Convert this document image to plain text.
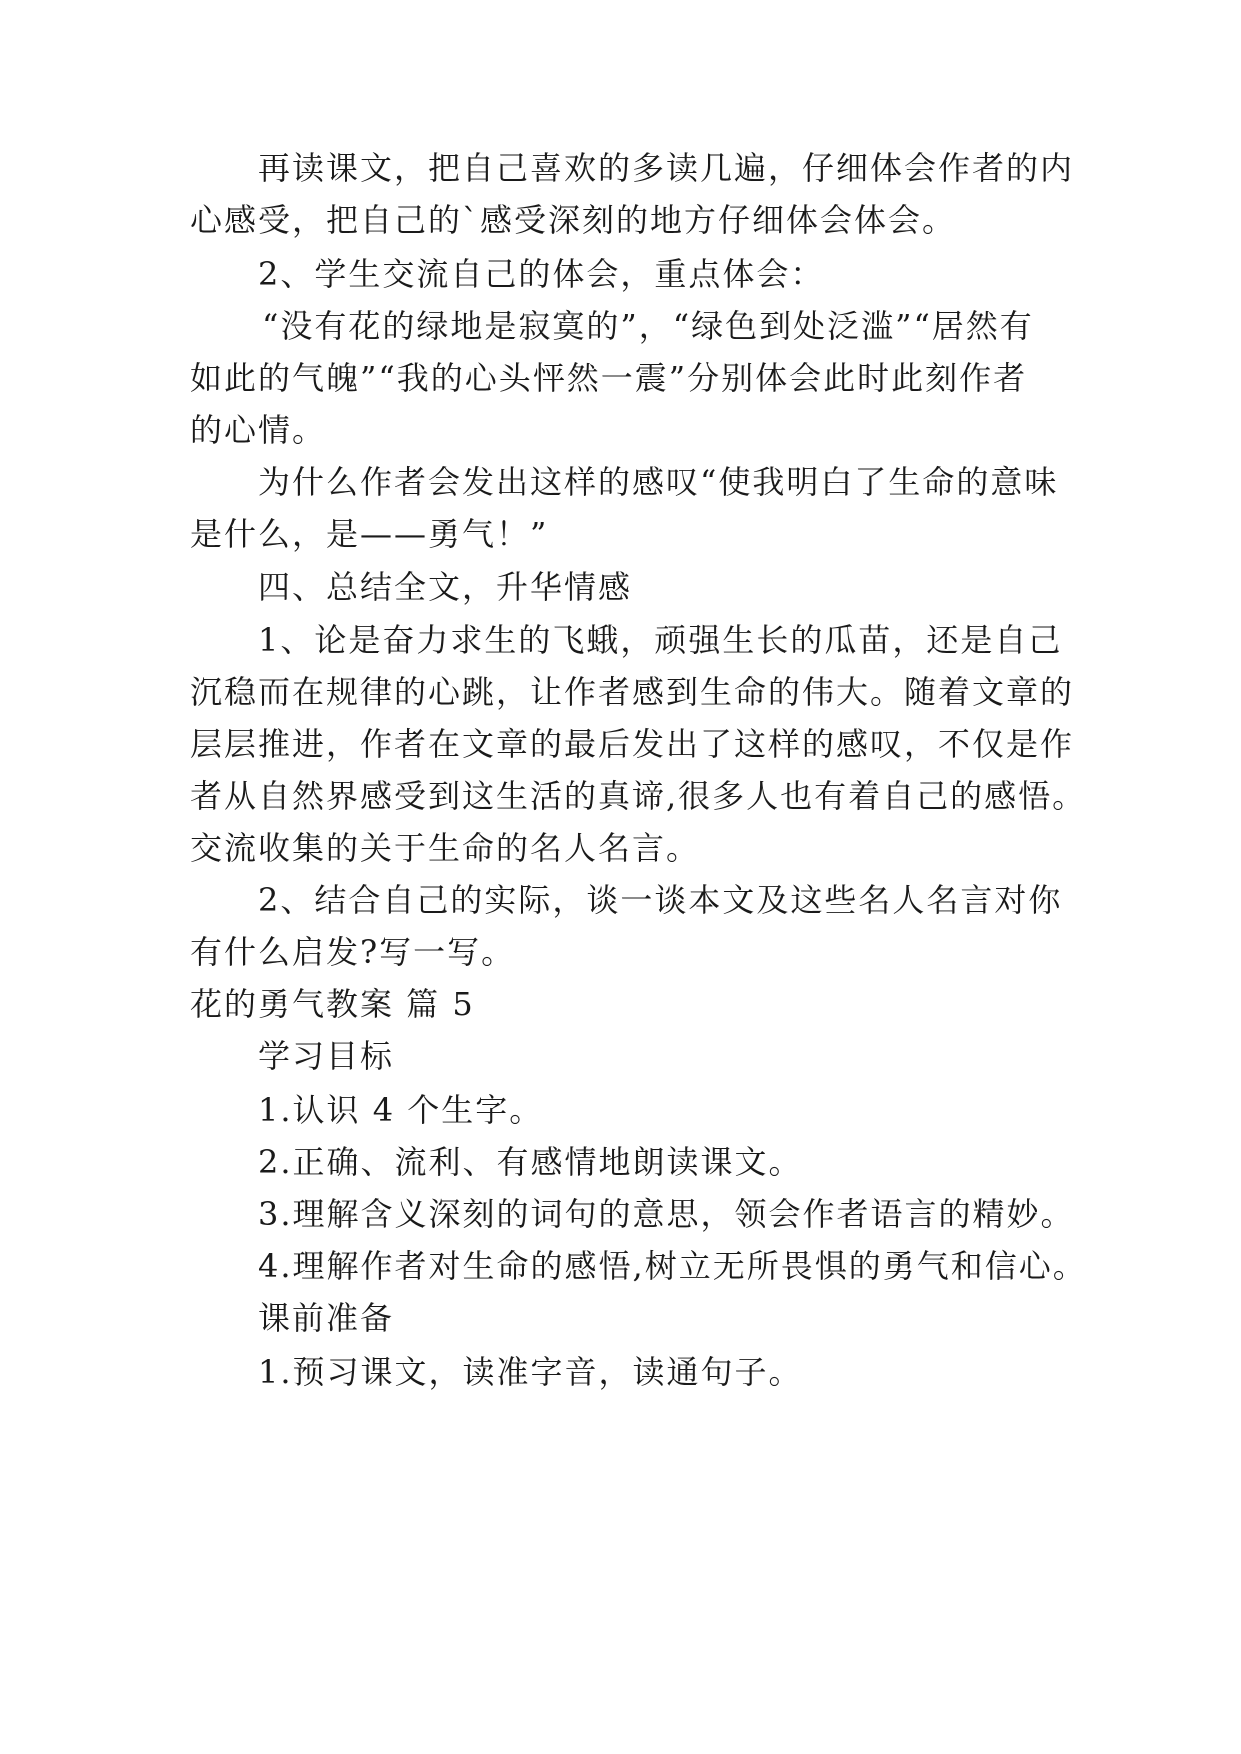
再读课文，把自己喜欢的多读几遍，仔细体会作者的内
心感受，把自己的`感受深刻的地方仔细体会体会。
2、学生交流自己的体会，重点体会：
“没有花的绿地是寂寞的”，“绿色到处泛滥”“居然有
如此的气魄”“我的心头怦然一震”分别体会此时此刻作者
的心情。
为什么作者会发出这样的感叹“使我明白了生命的意味
是什么，是——勇气！”
四、总结全文，升华情感
1、论是奋力求生的飞蛾，顽强生长的瓜苗，还是自己
沉稳而在规律的心跳，让作者感到生命的伟大。随着文章的
层层推进，作者在文章的最后发出了这样的感叹，不仅是作
者从自然界感受到这生活的真谛,很多人也有着自己的感悟。
交流收集的关于生命的名人名言。
2、结合自己的实际，谈一谈本文及这些名人名言对你
有什么启发?写一写。
花的勇气教案 篇 5
学习目标
1.认识 4 个生字。
2.正确、流利、有感情地朗读课文。
3.理解含义深刻的词句的意思，领会作者语言的精妙。
4.理解作者对生命的感悟,树立无所畏惧的勇气和信心。
课前准备
1.预习课文，读准字音，读通句子。
